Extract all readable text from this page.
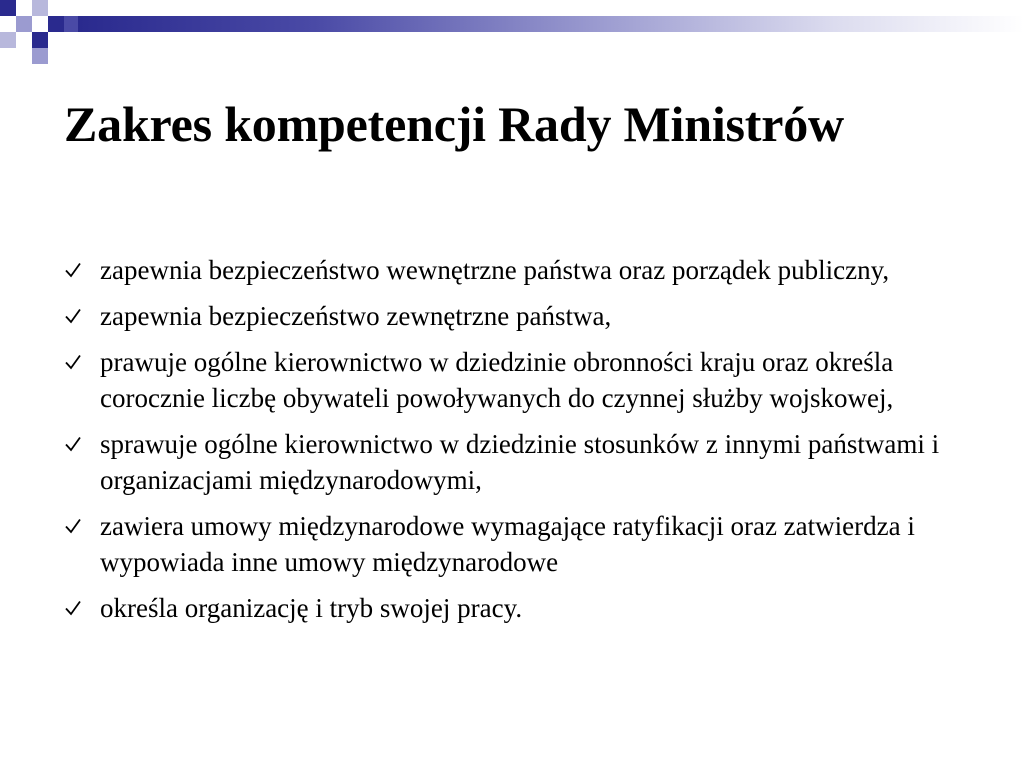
Zakres kompetencji Rady Ministrów
zapewnia bezpieczeństwo wewnętrzne państwa oraz porządek publiczny,
zapewnia bezpieczeństwo zewnętrzne państwa,
prawuje ogólne kierownictwo w dziedzinie obronności kraju oraz określa corocznie liczbę obywateli powoływanych do czynnej służby wojskowej,
sprawuje ogólne kierownictwo w dziedzinie stosunków z innymi państwami i organizacjami międzynarodowymi,
zawiera umowy międzynarodowe wymagające ratyfikacji oraz zatwierdza i wypowiada inne umowy międzynarodowe
określa organizację i tryb swojej pracy.
